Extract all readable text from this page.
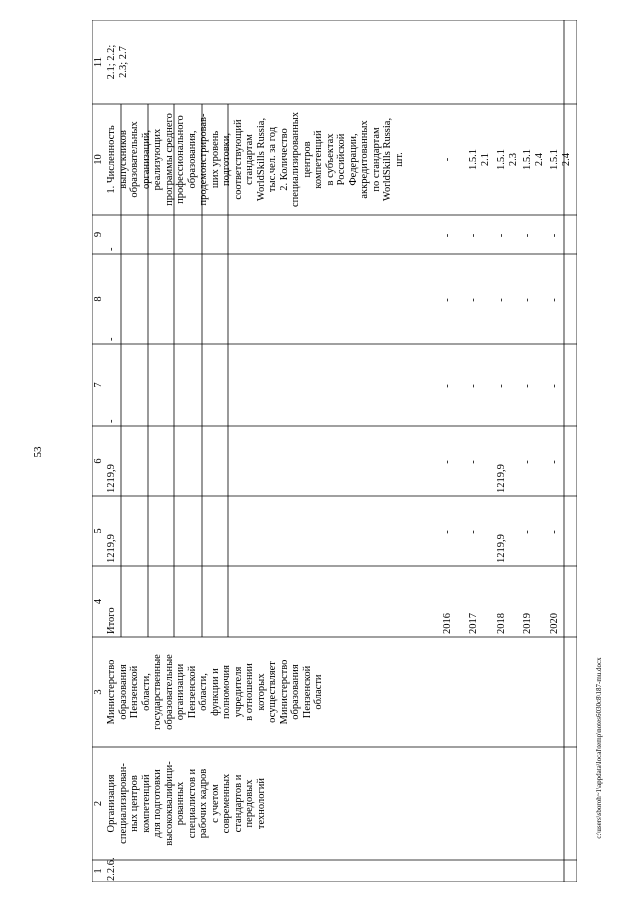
53
1
2
3
4
5
6
7
8
9
10
11
2.2.6.
Организация
специализирован-
ных центров
компетенций
для подготовки
высококвалифици-
рованных
специалистов и
рабочих кадров
с учетом
современных
стандартов и
передовых
технологий
Министерство
образования
Пензенской
области,
государственные
образовательные
организации
Пензенской
области,
функции и
полномочия
учредителя
в отношении
которых
осуществляет
Министерство
образования
Пензенской
области
Итого
1219,9
1219,9
-
-
-
1. Численность
выпускников
образовательных
организаций,
реализующих
программы среднего
профессионального
образования,
продемонстрировав-
ших уровень
подготовки,
соответствующий
стандартам
WorldSkills Russia,
тыс.чел. за год
2. Количество
специализированных
центров
компетенций
в субъектах
Российской
Федерации,
аккредитованных
по стандартам
WorldSkills Russia,
шт.
2.1; 2.2;
2.3; 2.7
2016
-
-
-
-
-
-
2017
-
-
-
-
-
1.5.1
2.1
2018
1219,9
1219,9
-
-
-
1.5.1
2.3
2019
-
-
-
-
-
1.5.1
2.4
2020
-
-
-
-
-
1.5.1
2.4
c:\users\sboroh~1\appdata\local\temp\notes6030c8\187-mu.docx
